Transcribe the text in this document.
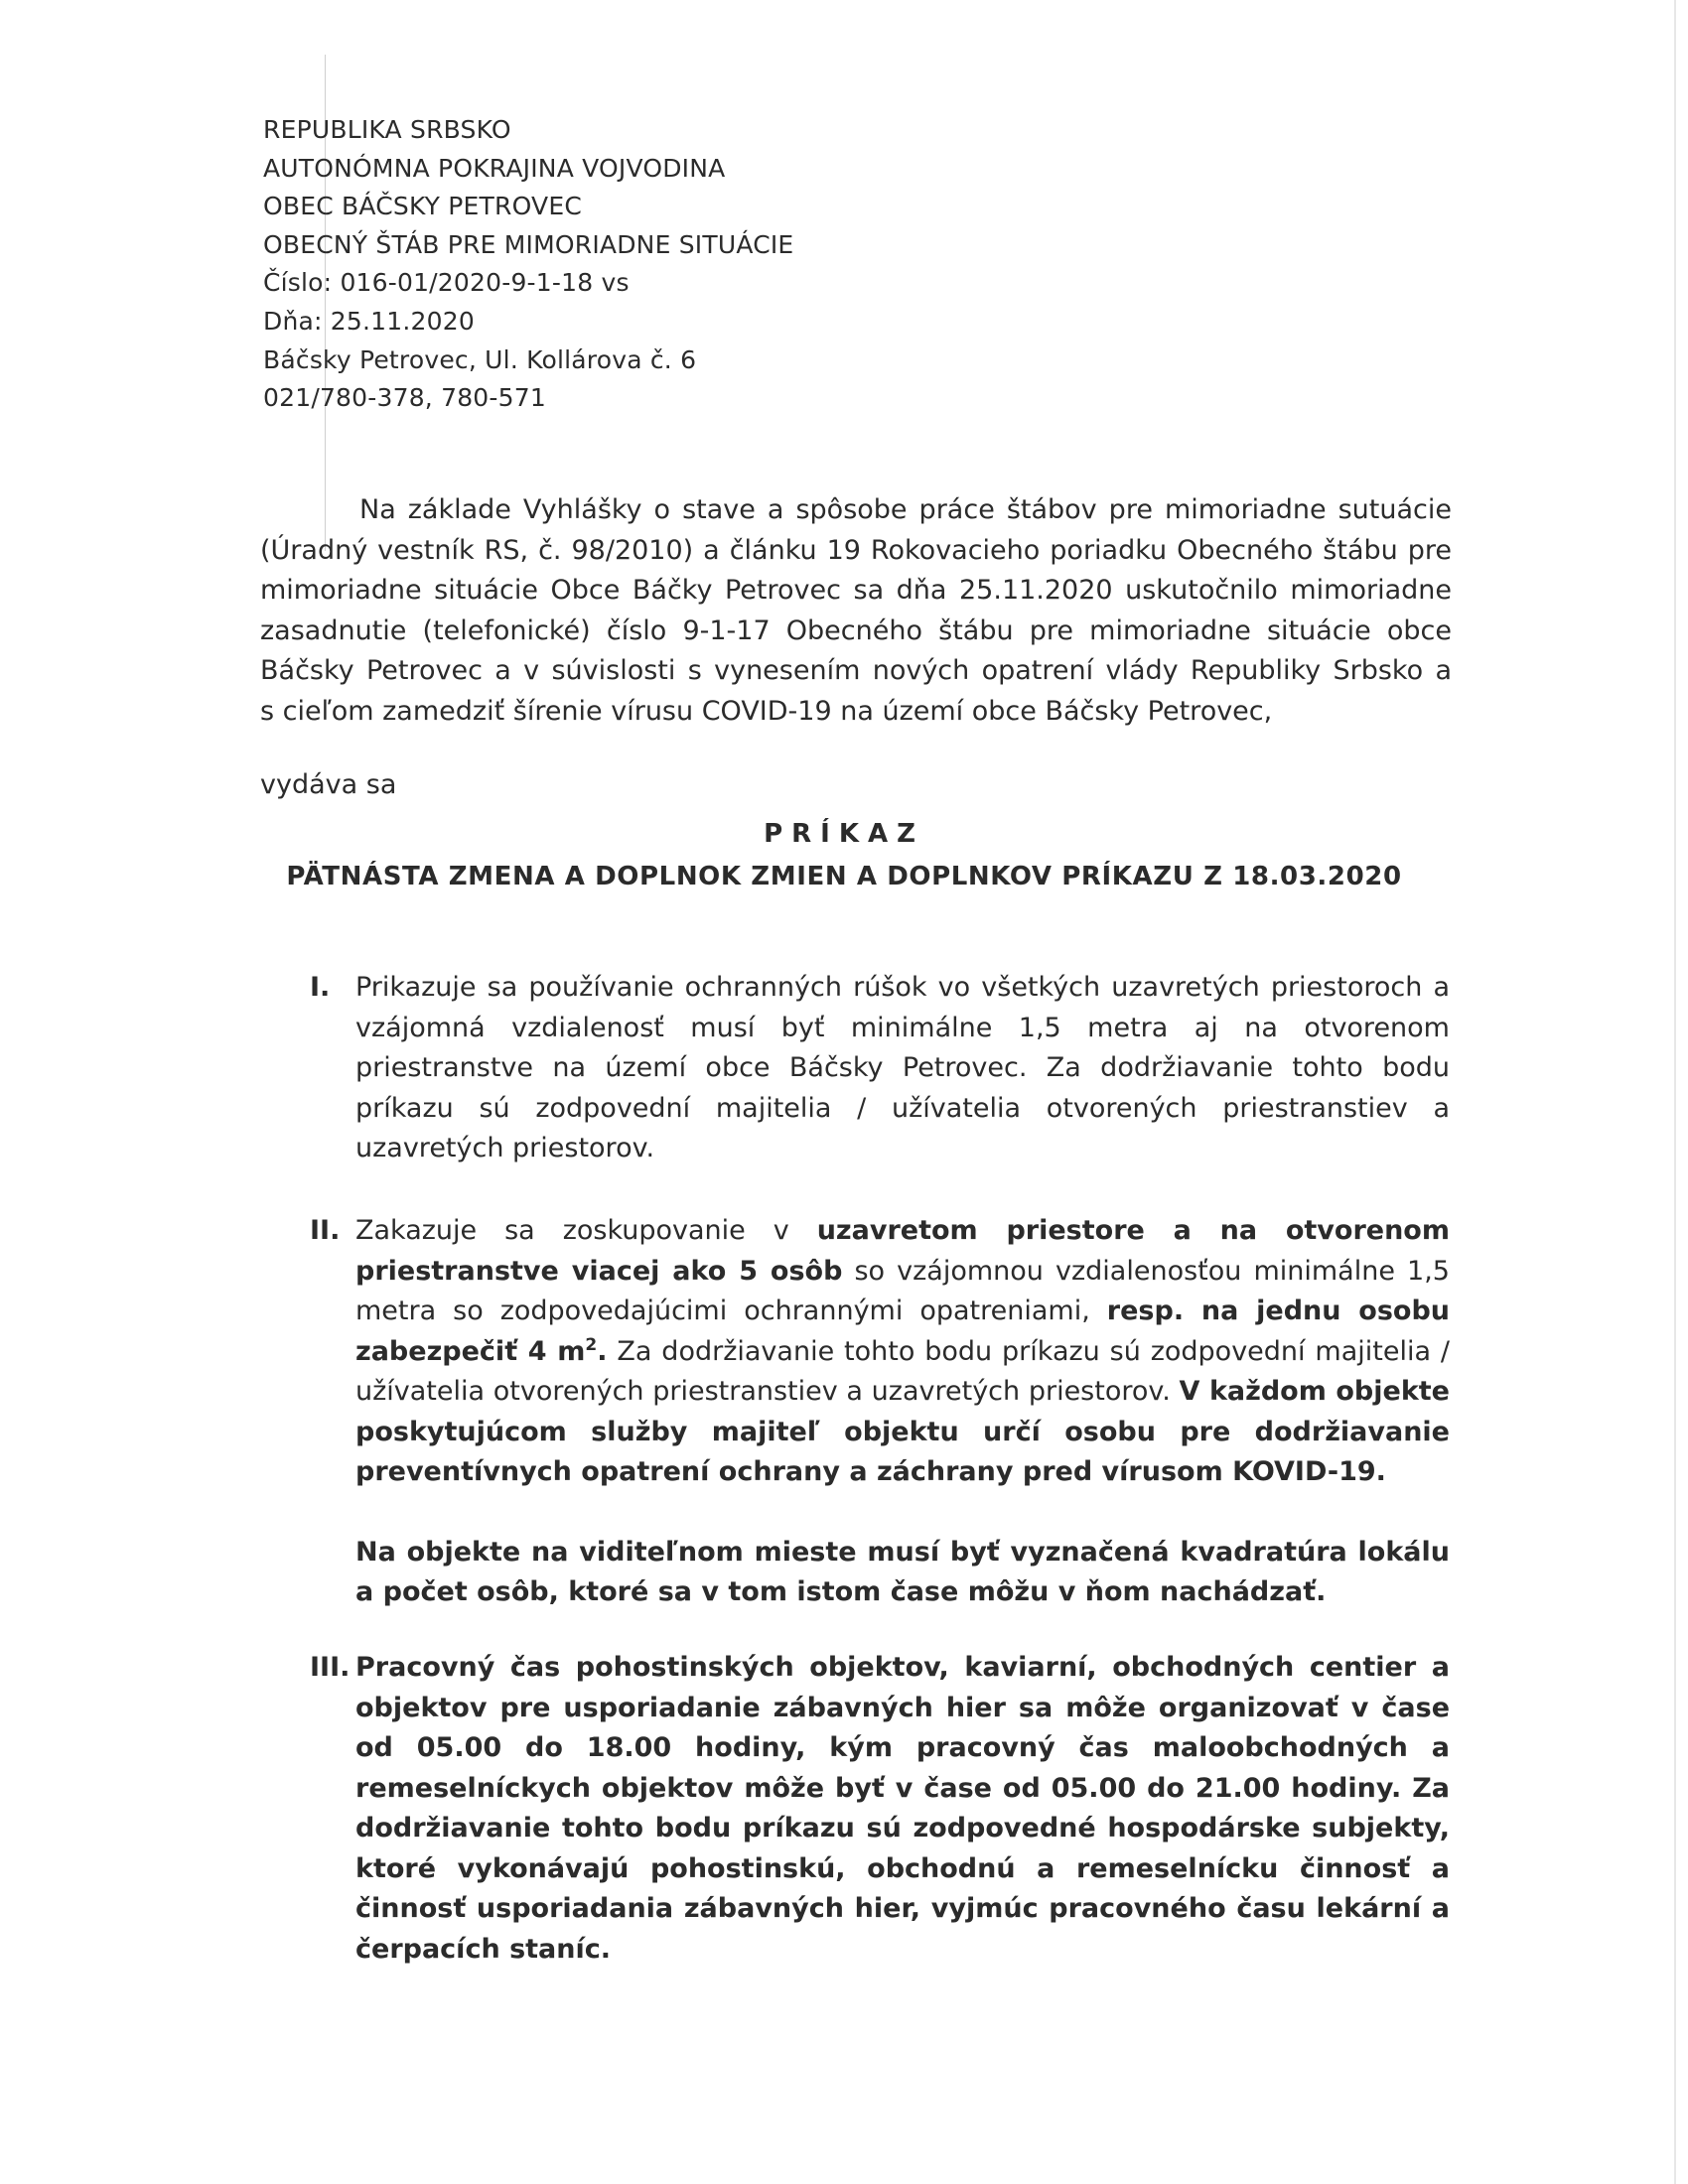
REPUBLIKA SRBSKO
AUTONÓMNA POKRAJINA VOJVODINA
OBEC BÁČSKY PETROVEC
OBECNÝ ŠTÁB PRE MIMORIADNE SITUÁCIE
Číslo: 016-01/2020-9-1-18 vs
Dňa: 25.11.2020
Báčsky Petrovec, Ul. Kollárova č. 6
021/780-378, 780-571
Na základe Vyhlášky o stave a spôsobe práce štábov pre mimoriadne sutuácie
(Úradný vestník RS, č. 98/2010) a článku 19 Rokovacieho poriadku Obecného štábu pre
mimoriadne situácie Obce Báčky Petrovec sa dňa 25.11.2020 uskutočnilo mimoriadne
zasadnutie (telefonické) číslo 9-1-17 Obecného štábu pre mimoriadne situácie obce
Báčsky Petrovec a v súvislosti s vynesením nových opatrení vlády Republiky Srbsko a
s cieľom zamedziť šírenie vírusu COVID-19 na území obce Báčsky Petrovec,
vydáva sa
PRÍKAZ
PÄTNÁSTA ZMENA A DOPLNOK ZMIEN A DOPLNKOV PRÍKAZU Z 18.03.2020
I. Prikazuje sa používanie ochranných rúšok vo všetkých uzavretých priestoroch a vzájomná vzdialenosť musí byť minimálne 1,5 metra aj na otvorenom priestranstve na území obce Báčsky Petrovec. Za dodržiavanie tohto bodu príkazu sú zodpovední majitelia / užívatelia otvorených priestranstiev a uzavretých priestorov.
II. Zakazuje sa zoskupovanie v uzavretom priestore a na otvorenom priestranstve viacej ako 5 osôb so vzájomnou vzdialenosťou minimálne 1,5 metra so zodpovedajúcimi ochrannými opatreniami, resp. na jednu osobu zabezpečiť 4 $m^2$. Za dodržiavanie tohto bodu príkazu sú zodpovední majitelia / užívatelia otvorených priestranstiev a uzavretých priestorov. V každom objekte poskytujúcom služby majiteľ objektu určí osobu pre dodržiavanie preventívnych opatrení ochrany a záchrany pred vírusom KOVID-19.

Na objekte na viditeľnom mieste musí byť vyznačená kvadratúra lokálu a počet osôb, ktoré sa v tom istom čase môžu v ňom nachádzať.

III. Pracovný čas pohostinských objektov, kaviarní, obchodných centier a objektov pre usporiadanie zábavných hier sa môže organizovať v čase od 05.00 do 18.00 hodiny, kým pracovný čas maloobchodných a remeselníckych objektov môže byť v čase od 05.00 do 21.00 hodiny. Za dodržiavanie tohto bodu príkazu sú zodpovedné hospodárske subjekty, ktoré vykonávajú pohostinskú, obchodnú a remeselnícku činnosť a činnosť usporiadania zábavných hier, vyjmúc pracovného času lekární a čerpacích staníc.
